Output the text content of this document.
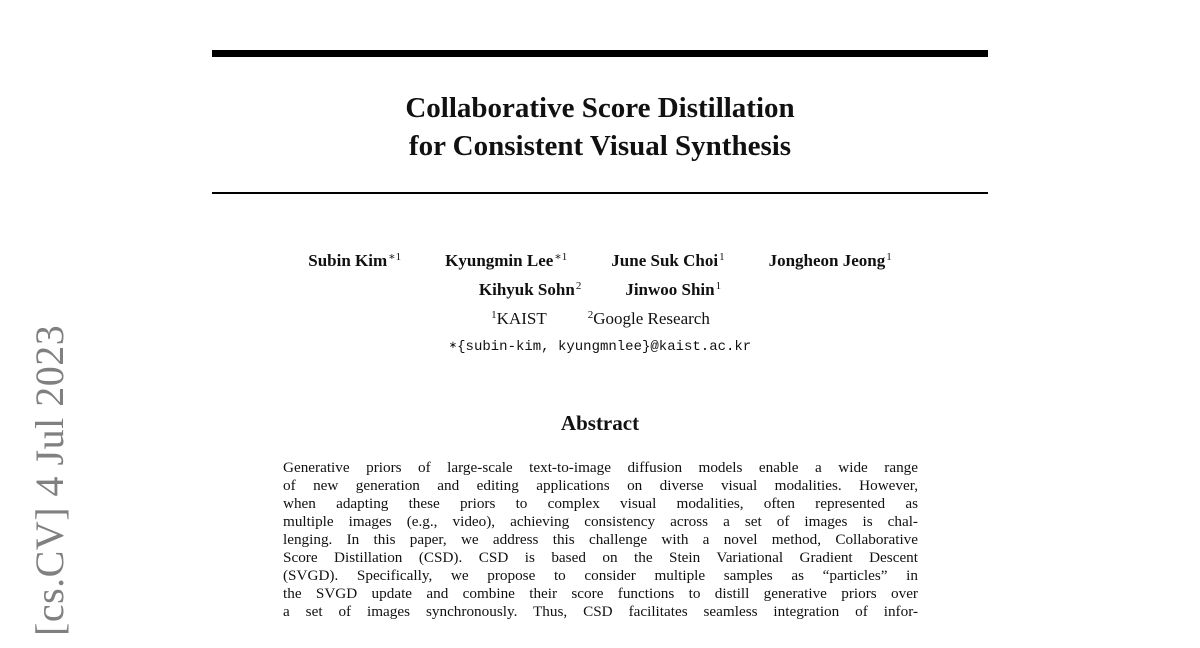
Collaborative Score Distillation
for Consistent Visual Synthesis
Subin Kim$^{∗1}$	Kyungmin Lee$^{∗1}$	June Suk Choi$^1$	Jongheon Jeong$^1$
Kihyuk Sohn$^2$	Jinwoo Shin$^1$
$^1$KAIST	$^2$Google Research
∗ {subin-kim, kyungmnlee}@kaist.ac.kr
Abstract
Generative priors of large-scale text-to-image diffusion models enable a wide range
of new generation and editing applications on diverse visual modalities. However,
when adapting these priors to complex visual modalities, often represented as
multiple images (e.g., video), achieving consistency across a set of images is chal-
lenging. In this paper, we address this challenge with a novel method, Collaborative
Score Distillation (CSD). CSD is based on the Stein Variational Gradient Descent
(SVGD). Specifically, we propose to consider multiple samples as “particles” in
the SVGD update and combine their score functions to distill generative priors over
a set of images synchronously. Thus, CSD facilitates seamless integration of infor-
[cs.CV] 4 Jul 2023
